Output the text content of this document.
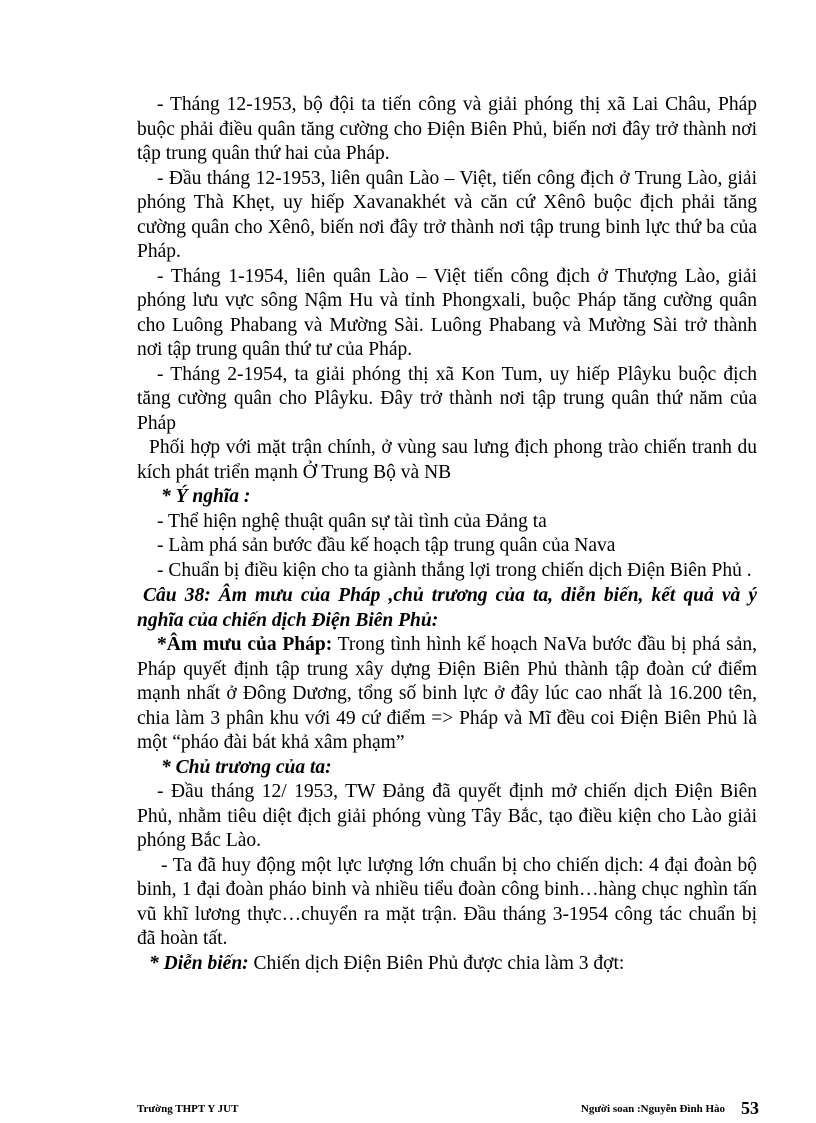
- Tháng 12-1953, bộ đội ta tiến công và giải phóng thị xã Lai Châu, Pháp buộc phải điều quân tăng cường cho Điện Biên Phủ, biến nơi đây trở thành nơi tập trung quân thứ hai của Pháp.

- Đầu tháng 12-1953, liên quân Lào – Việt, tiến công địch ở Trung Lào, giải phóng Thà Khẹt, uy hiếp Xavanakhét và căn cứ Xênô buộc địch phải tăng cường quân cho Xênô, biến nơi đây trở thành nơi tập trung binh lực thứ ba của Pháp.

- Tháng 1-1954, liên quân Lào – Việt tiến công địch ở Thượng Lào, giải phóng lưu vực sông Nậm Hu và tỉnh Phongxali, buộc Pháp tăng cường quân cho Luông Phabang và Mường Sài. Luông Phabang và Mường Sài trở thành nơi tập trung quân thứ tư của Pháp.

- Tháng 2-1954, ta giải phóng thị xã Kon Tum, uy hiếp Plâyku buộc địch tăng cường quân cho Plâyku. Đây trở thành nơi tập trung quân thứ năm của Pháp

Phối hợp với mặt trận chính, ở vùng sau lưng địch phong trào chiến tranh du kích phát triển mạnh Ở Trung Bộ và NB

* Ý nghĩa :

- Thể hiện nghệ thuật quân sự tài tình của Đảng ta

- Làm phá sản bước đầu kế hoạch tập trung quân của Nava

- Chuẩn bị điều kiện cho ta giành thắng lợi trong chiến dịch Điện Biên Phủ .

Câu 38: Âm mưu của Pháp ,chủ trương của ta, diễn biến, kết quả và ý nghĩa của chiến dịch Điện Biên Phủ:

*Âm mưu của Pháp: Trong tình hình kế hoạch NaVa bước đầu bị phá sản, Pháp quyết định tập trung xây dựng Điện Biên Phủ thành tập đoàn cứ điểm mạnh nhất ở Đông Dương, tổng số binh lực ở đây lúc cao nhất là 16.200 tên, chia làm 3 phân khu với 49 cứ điểm => Pháp và Mĩ đều coi Điện Biên Phủ là một “pháo đài bát khả xâm phạm”

* Chủ trương của ta:

- Đầu tháng 12/ 1953, TW Đảng đã quyết định mở chiến dịch Điện Biên Phủ, nhằm tiêu diệt địch giải phóng vùng Tây Bắc, tạo điều kiện cho Lào giải phóng Bắc Lào.

- Ta đã huy động một lực lượng lớn chuẩn bị cho chiến dịch: 4 đại đoàn bộ binh, 1 đại đoàn pháo binh và nhiều tiểu đoàn công binh…hàng chục nghìn tấn vũ khĩ lương thực…chuyển ra mặt trận. Đầu tháng 3-1954 công tác chuẩn bị đã hoàn tất.

* Diễn biến: Chiến dịch Điện Biên Phủ được chia làm 3 đợt:

Trường THPT Y JUT	Người soan :Nguyễn Đình Hào 53
